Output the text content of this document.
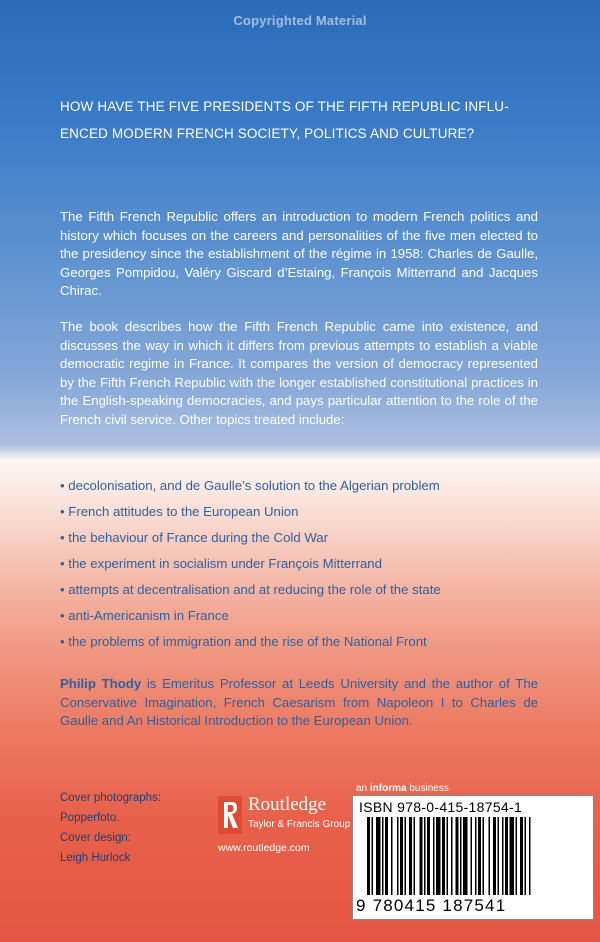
Copyrighted Material
HOW HAVE THE FIVE PRESIDENTS OF THE FIFTH REPUBLIC INFLU-ENCED MODERN FRENCH SOCIETY, POLITICS AND CULTURE?

The Fifth French Republic offers an introduction to modern French politics and history which focuses on the careers and personalities of the five men elected to the presidency since the establishment of the régime in 1958: Charles de Gaulle, Georges Pompidou, Valéry Giscard d’Estaing, François Mitterrand and Jacques Chirac.

The book describes how the Fifth French Republic came into existence, and discusses the way in which it differs from previous attempts to establish a viable democratic regime in France. It compares the version of democracy represented by the Fifth French Republic with the longer established constitutional practices in the English-speaking democracies, and pays particular attention to the role of the French civil service. Other topics treated include:

• decolonisation, and de Gaulle’s solution to the Algerian problem
• French attitudes to the European Union
• the behaviour of France during the Cold War
• the experiment in socialism under François Mitterrand
• attempts at decentralisation and at reducing the role of the state
• anti-Americanism in France
• the problems of immigration and the rise of the National Front

Philip Thody is Emeritus Professor at Leeds University and the author of The Conservative Imagination, French Caesarism from Napoleon I to Charles de Gaulle and An Historical Introduction to the European Union.

Cover photographs:
Popperfoto.
Cover design:
Leigh Hurlock
Routledge
Taylor & Francis Group
www.routledge.com
an informa business
ISBN 978-0-415-18754-1
9 780415 187541
